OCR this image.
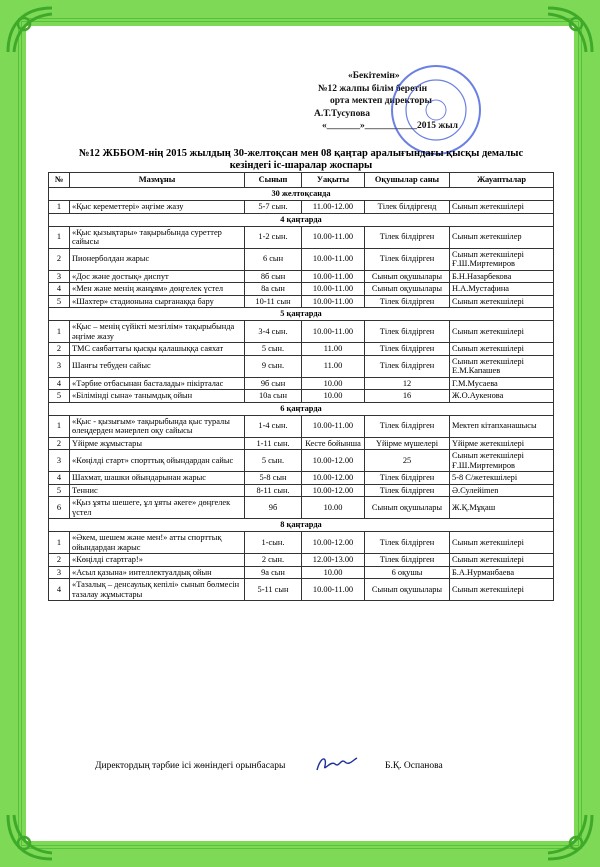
«Бекітемін»
№12 жалпы білім беретін
орта мектеп директоры
А.Т.Тусупова
«_______»___________2015 жыл
№12 ЖББОМ-нің 2015 жылдың 30-желтоқсан мен 08 қаңтар аралығындағы қысқы демалыс кезіндегі іс-шаралар жоспары
№	Мазмұны	Сынып	Уақыты	Оқушылар саны	Жауаптылар
30 желтоқсанда					
1	«Қыс кереметтері» әңгіме жазу	5-7 сын.	11.00-12.00	Тілек білдіргенд	Сынып жетекшілері
4 қаңтарда					
1	«Қыс қызықтары» тақырыбында суреттер сайысы	1-2 сын.	10.00-11.00	Тілек білдірген	Сынып жетекшілер
2	Пионерболдан жарыс	6 сын	10.00-11.00	Тілек білдірген	Сынып жетекшілері Ғ.Ш.Миртемиров
3	«Дос және достық» диспут	8б сын	10.00-11.00	Сынып оқушылары	Б.Н.Назарбекова
4	«Мен және менің жанұям» дөңгелек үстел	8а сын	10.00-11.00	Сынып оқушылары	Н.А.Мустафина
5	«Шахтер» стадионына сырғанаққа бару	10-11 сын	10.00-11.00	Тілек білдірген	Сынып жетекшілері
5 қаңтарда					
1	«Қыс – менің сүйікті мезгілім» тақырыбында әңгіме жазу	3-4 сын.	10.00-11.00	Тілек білдірген	Сынып жетекшілері
2	ТМС саябағтағы қысқы қалашыққа саяхат	5 сын.	11.00	Тілек білдірген	Сынып жетекшілері
3	Шанғы тебуден сайыс	9 сын.	11.00	Тілек білдірген	Сынып жетекшілері Е.М.Капашев
4	«Тәрбие отбасынан басталады» пікірталас	9б сын	10.00	12	Г.М.Мусаева
5	«Білімінді сына» танымдық ойын	10а сын	10.00	16	Ж.О.Аукенова
6 қаңтарда					
1	«Қыс - қызығым» тақырыбында қыс туралы өлеңдерден мәнерлеп оқу сайысы	1-4 сын.	10.00-11.00	Тілек білдірген	Мектеп кітапханашысы
2	Үйірме жұмыстары	1-11 сын.	Кесте бойынша	Үйірме мүшелері	Үйірме жетекшілері
3	«Көңілді старт» спорттық ойындардан сайыс	5 сын.	10.00-12.00	25	Сынып жетекшілері Ғ.Ш.Миртемиров
4	Шахмат, шашки ойындарынан жарыс	5-8 сын	10.00-12.00	Тілек білдірген	5-8 С/жетекшілері
5	Теннис	8-11 сын.	10.00-12.00	Тілек білдірген	Ә.Сулейimen
6	«Қыз ұяты шешеге, ұл ұяты әкеге» дөңгелек үстел	9б	10.00	Сынып оқушылары	Ж.Қ.Мұқаш
8 қаңтарда					
1	«Әкем, шешем және мен!» атты спорттық ойындардан жарыс	1-сын.	10.00-12.00	Тілек білдірген	Сынып жетекшілері
2	«Көңілді стартгар!»	2 сын.	12.00-13.00	Тілек білдірген	Сынып жетекшілері
3	«Асыл қазына» интеллектуалдық ойын	9а сын	10.00	6 оқушы	Б.А.Нурманбаева
4	«Тазалық – денсаулық кепілі» сынып бөлмесін тазалау жұмыстары	5-11 сын	10.00-11.00	Сынып оқушылары	Сынып жетекшілері
Директордың тәрбие ісі жөніндегі орынбасары	Б.Қ. Оспанова
